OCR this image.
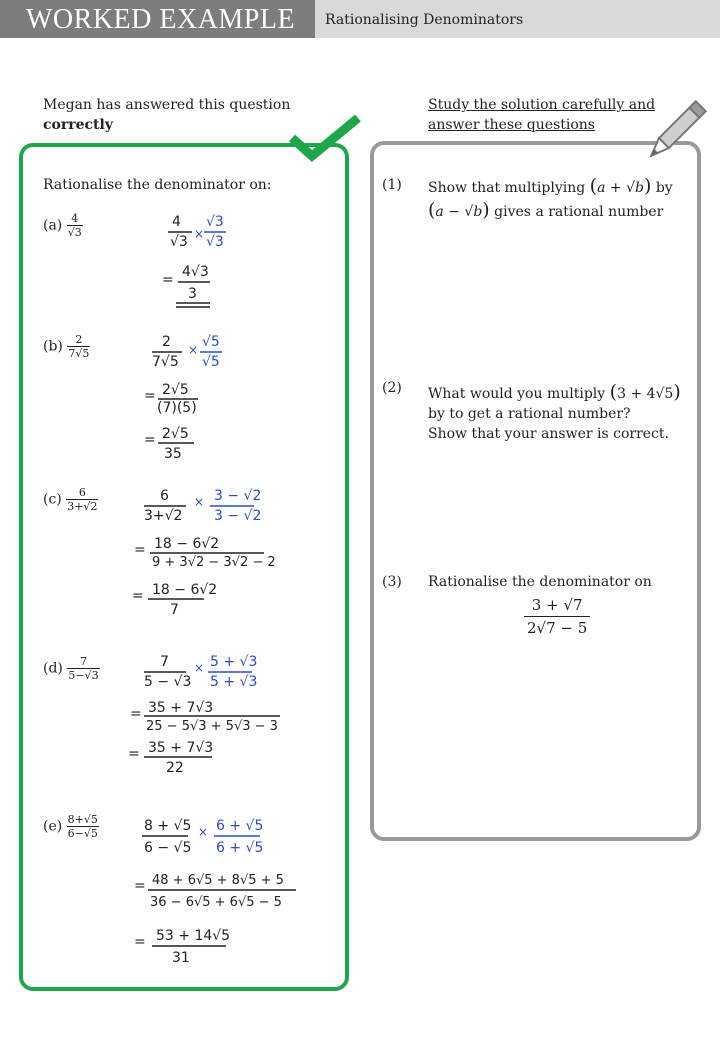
WORKED EXAMPLE	Rationalising Denominators
Megan has answered this question
correctly
Study the solution carefully and
answer these questions
Rationalise the denominator on:
$(a) \frac{4}{√3}$	4
√3 ×
√3
√3
= 4√3
3
$(b) \frac{2}{7√5}$	2
7√5
× √5
√5
= 2√5
(7)(5)
= 2√5
35
$(c) \frac{6}{3+√2}$	6
3+√2
× 3 − √2
3 − √2
= 18 − 6√2
9 + 3√2 − 3√2 − 2
= 18 − 6√2
7
$(d) \frac{7}{5-√3}$	7
5 − √3
× 5 + √3
5 + √3
= 35 + 7√3
25 − 5√3 + 5√3 − 3
= 35 + 7√3
22
$(e) \frac{8+√5}{6-√5}$	8 + √5
6 − √5
× 6 + √5
6 + √5
= 48 + 6√5 + 8√5 + 5
36 − 6√5 + 6√5 − 5
= 53 + 14√5
31
(1) Show that multiplying (a + √b) by
(a − √b) gives a rational number
(2) What would you multiply (3 + 4√5)
by to get a rational number?
Show that your answer is correct.
(3) Rationalise the denominator on
$\frac{3 + √7}{2√7 - 5}$
